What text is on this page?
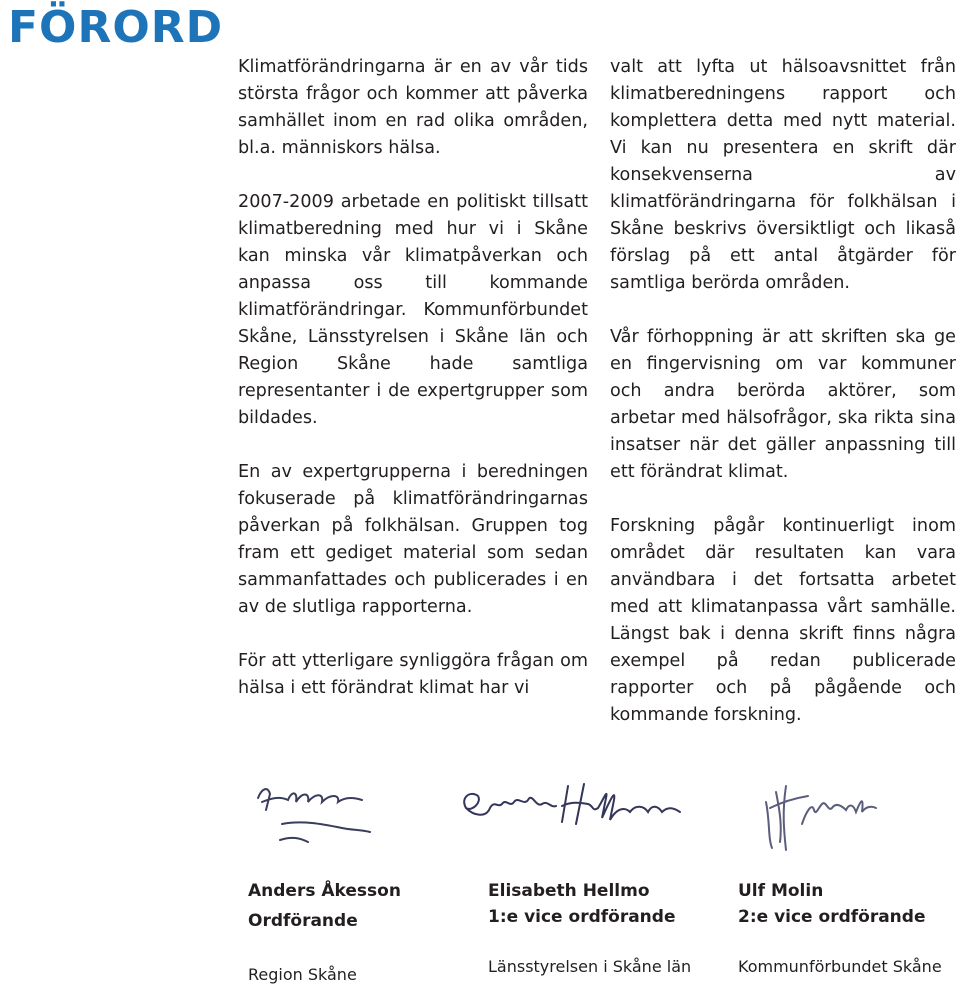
FÖRORD

Klimatförändringarna är en av vår tids största frågor och kommer att påverka samhället inom en rad olika områden, bl.a. människors hälsa.

2007-2009 arbetade en politiskt tillsatt klimatberedning med hur vi i Skåne kan minska vår klimatpåverkan och anpassa oss till kommande klimatförändringar. Kommunförbundet Skåne, Länsstyrelsen i Skåne län och Region Skåne hade samtliga representanter i de expertgrupper som bildades.

En av expertgrupperna i beredningen fokuserade på klimatförändringarnas påverkan på folkhälsan. Gruppen tog fram ett gediget material som sedan sammanfattades och publicerades i en av de slutliga rapporterna.

För att ytterligare synliggöra frågan om hälsa i ett förändrat klimat har vi

valt att lyfta ut hälsoavsnittet från klimatberedningens rapport och komplettera detta med nytt material. Vi kan nu presentera en skrift där konsekvenserna av klimatförändringarna för folkhälsan i Skåne beskrivs översiktligt och likaså förslag på ett antal åtgärder för samtliga berörda områden.

Vår förhoppning är att skriften ska ge en fingervisning om var kommuner och andra berörda aktörer, som arbetar med hälsofrågor, ska rikta sina insatser när det gäller anpassning till ett förändrat klimat.

Forskning pågår kontinuerligt inom området där resultaten kan vara användbara i det fortsatta arbetet med att klimatanpassa vårt samhälle. Längst bak i denna skrift finns några exempel på redan publicerade rapporter och på pågående och kommande forskning.

Anders Åkesson
Ordförande
Region Skåne
Elisabeth Hellmo
1:e vice ordförande
Länsstyrelsen i Skåne län
Ulf Molin
2:e vice ordförande
Kommunförbundet Skåne
